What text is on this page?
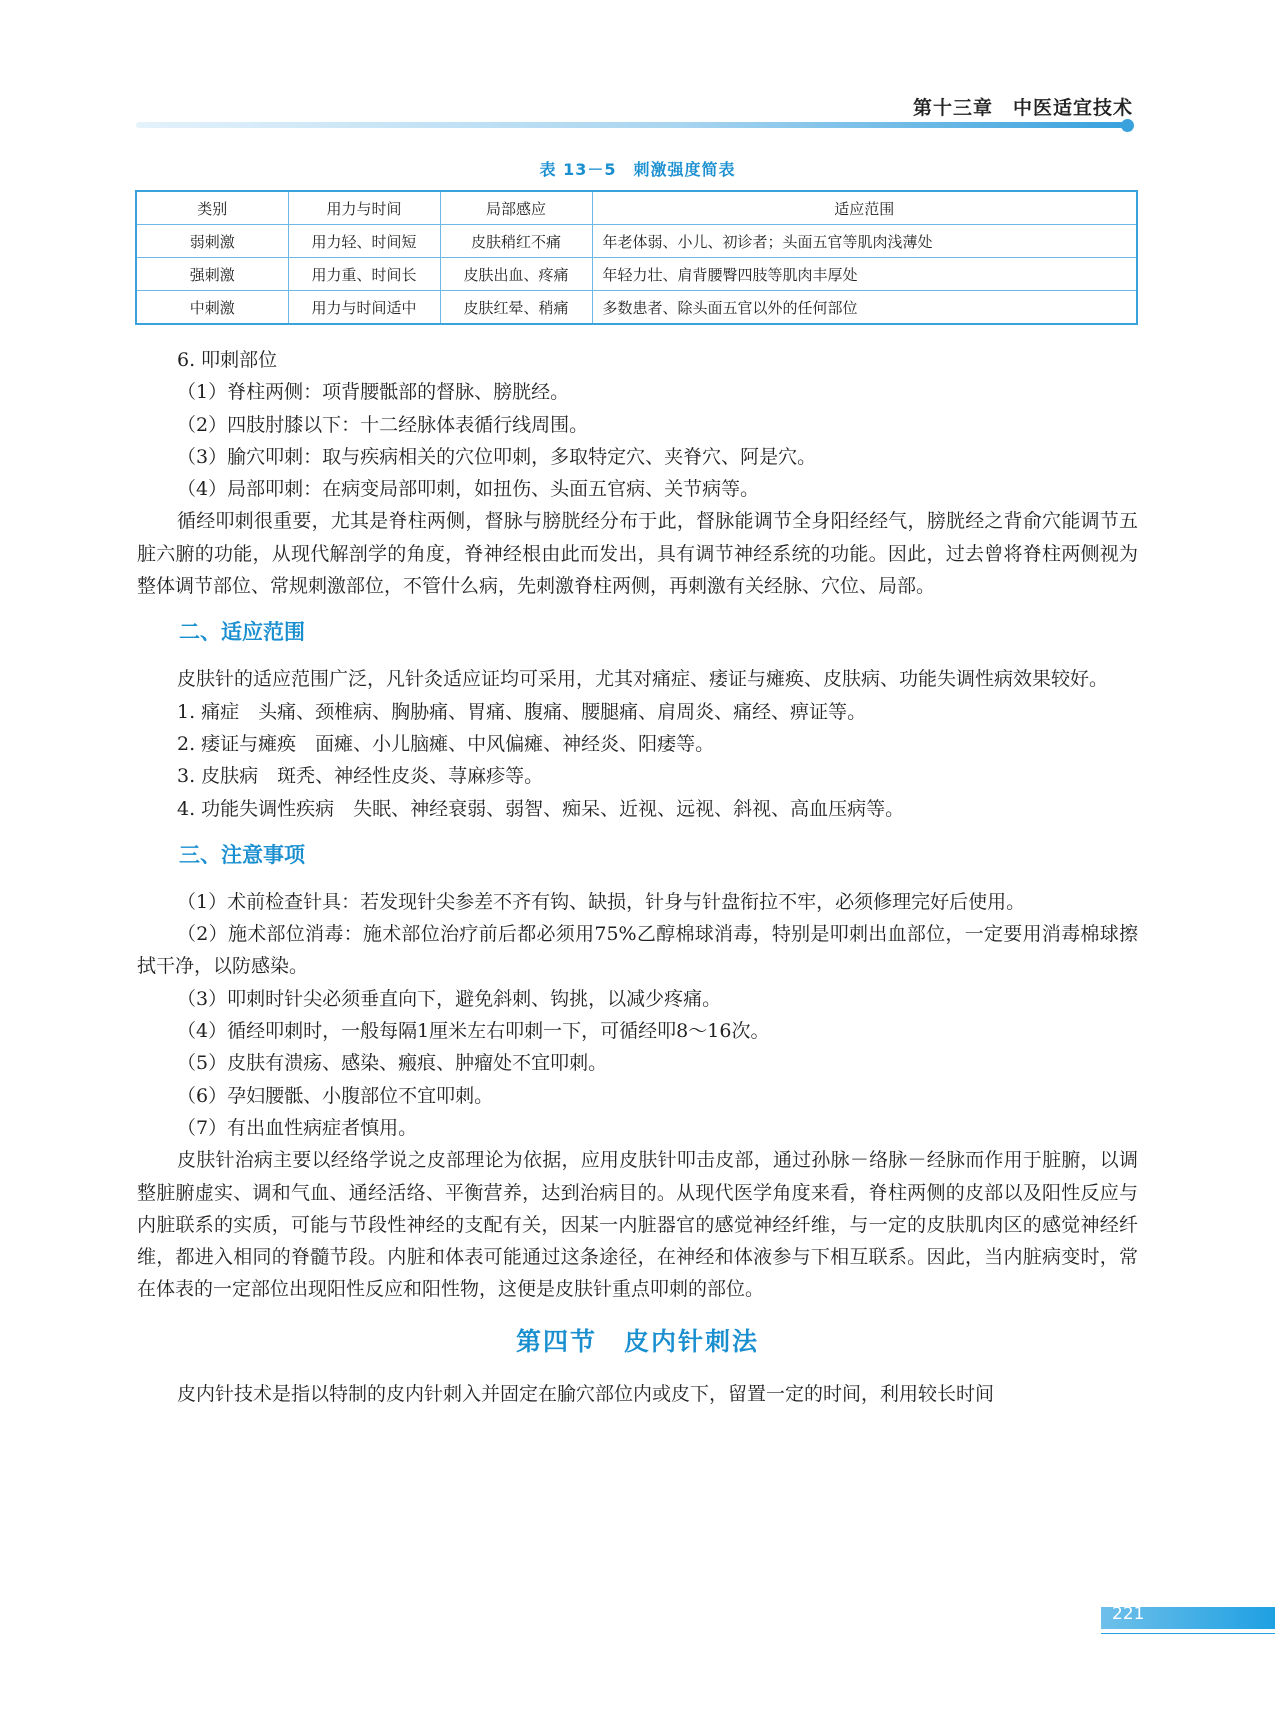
第十三章　中医适宜技术
表 13－5　刺激强度简表
类别	用力与时间	局部感应	适应范围
弱刺激	用力轻、时间短	皮肤稍红不痛	年老体弱、小儿、初诊者；头面五官等肌肉浅薄处
强刺激	用力重、时间长	皮肤出血、疼痛	年轻力壮、肩背腰臀四肢等肌肉丰厚处
中刺激	用力与时间适中	皮肤红晕、稍痛	多数患者、除头面五官以外的任何部位

6. 叩刺部位

（1）脊柱两侧：项背腰骶部的督脉、膀胱经。

（2）四肢肘膝以下：十二经脉体表循行线周围。

（3）腧穴叩刺：取与疾病相关的穴位叩刺，多取特定穴、夹脊穴、阿是穴。

（4）局部叩刺：在病变局部叩刺，如扭伤、头面五官病、关节病等。

循经叩刺很重要，尤其是脊柱两侧，督脉与膀胱经分布于此，督脉能调节全身阳经经气，膀胱经之背俞穴能调节五脏六腑的功能，从现代解剖学的角度，脊神经根由此而发出，具有调节神经系统的功能。因此，过去曾将脊柱两侧视为整体调节部位、常规刺激部位，不管什么病，先刺激脊柱两侧，再刺激有关经脉、穴位、局部。

二、适应范围

皮肤针的适应范围广泛，凡针灸适应证均可采用，尤其对痛症、痿证与瘫痪、皮肤病、功能失调性病效果较好。

1. 痛症　头痛、颈椎病、胸胁痛、胃痛、腹痛、腰腿痛、肩周炎、痛经、痹证等。

2. 痿证与瘫痪　面瘫、小儿脑瘫、中风偏瘫、神经炎、阳痿等。

3. 皮肤病　斑秃、神经性皮炎、荨麻疹等。

4. 功能失调性疾病　失眠、神经衰弱、弱智、痴呆、近视、远视、斜视、高血压病等。

三、注意事项

（1）术前检查针具：若发现针尖参差不齐有钩、缺损，针身与针盘衔拉不牢，必须修理完好后使用。

（2）施术部位消毒：施术部位治疗前后都必须用75%乙醇棉球消毒，特别是叩刺出血部位，一定要用消毒棉球擦拭干净，以防感染。

（3）叩刺时针尖必须垂直向下，避免斜刺、钩挑，以减少疼痛。

（4）循经叩刺时，一般每隔1厘米左右叩刺一下，可循经叩8～16次。

（5）皮肤有溃疡、感染、瘢痕、肿瘤处不宜叩刺。

（6）孕妇腰骶、小腹部位不宜叩刺。

（7）有出血性病症者慎用。

皮肤针治病主要以经络学说之皮部理论为依据，应用皮肤针叩击皮部，通过孙脉－络脉－经脉而作用于脏腑，以调整脏腑虚实、调和气血、通经活络、平衡营养，达到治病目的。从现代医学角度来看，脊柱两侧的皮部以及阳性反应与内脏联系的实质，可能与节段性神经的支配有关，因某一内脏器官的感觉神经纤维，与一定的皮肤肌肉区的感觉神经纤维，都进入相同的脊髓节段。内脏和体表可能通过这条途径，在神经和体液参与下相互联系。因此，当内脏病变时，常在体表的一定部位出现阳性反应和阳性物，这便是皮肤针重点叩刺的部位。

第四节　皮内针刺法

皮内针技术是指以特制的皮内针刺入并固定在腧穴部位内或皮下，留置一定的时间，利用较长时间

221
